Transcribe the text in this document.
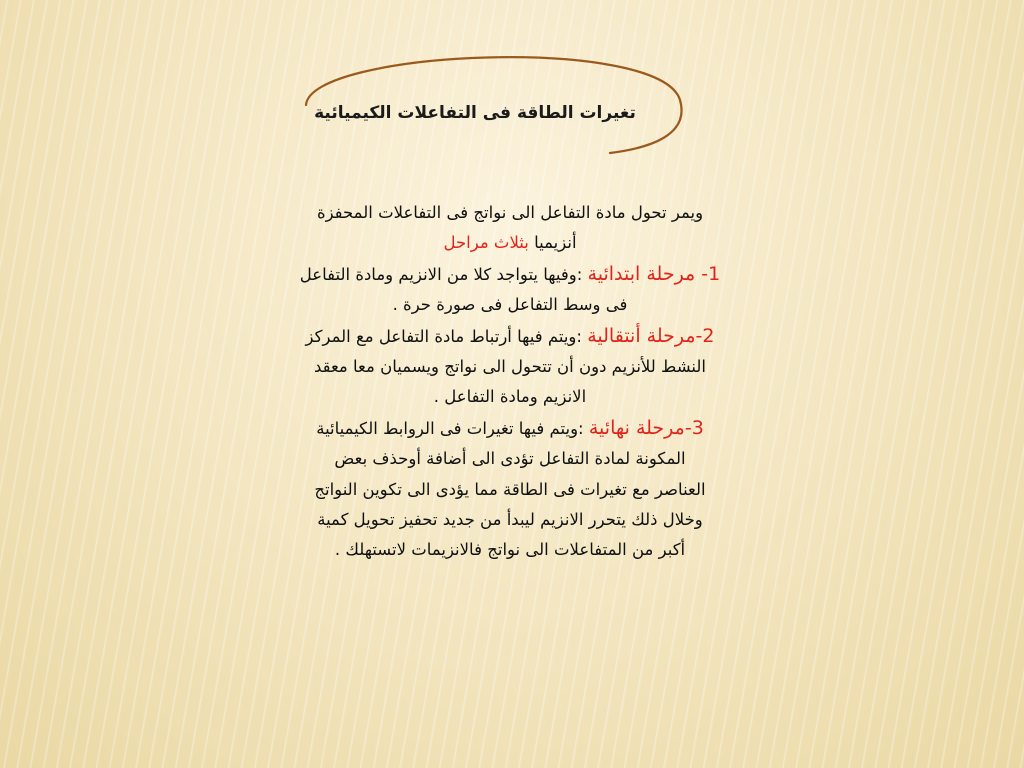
تغيرات الطاقة فى التفاعلات الكيميائية
ويمر تحول مادة التفاعل الى نواتج فى التفاعلات المحفزة
أنزيميا بثلاث مراحل
1- مرحلة ابتدائية :وفيها يتواجد كلا من الانزيم ومادة التفاعل
فى وسط التفاعل فى صورة حرة .
2-مرحلة أنتقالية :ويتم فيها أرتباط مادة التفاعل مع المركز
النشط للأنزيم دون أن تتحول الى نواتج ويسميان معا معقد
الانزيم ومادة التفاعل .
3-مرحلة نهائية :ويتم فيها تغيرات فى الروابط الكيميائية
المكونة لمادة التفاعل تؤدى الى أضافة أوحذف بعض
العناصر مع تغيرات فى الطاقة مما يؤدى الى تكوين النواتج
وخلال ذلك يتحرر الانزيم ليبدأ من جديد تحفيز تحويل كمية
أكبر من المتفاعلات الى نواتج فالانزيمات لاتستهلك .
